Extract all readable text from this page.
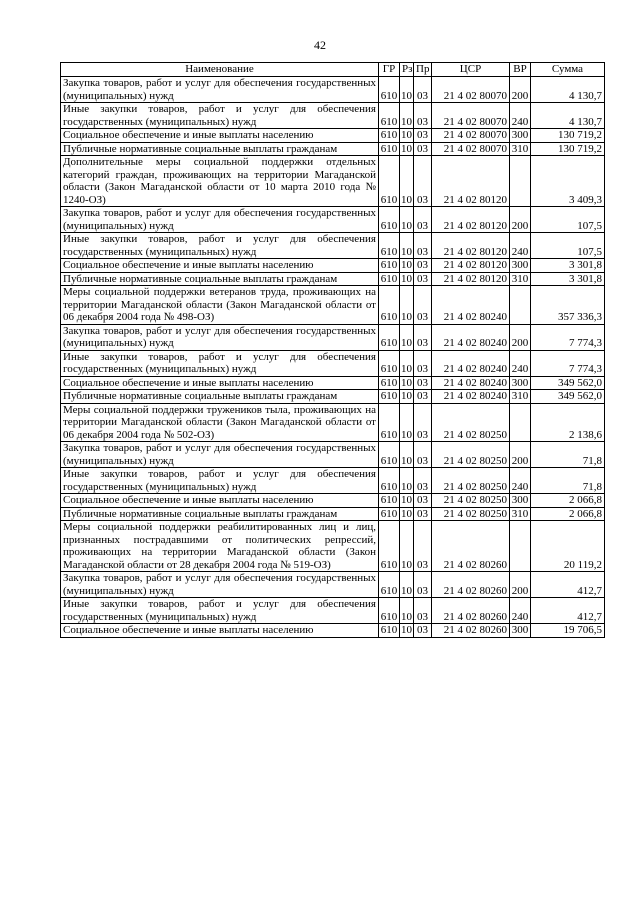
42
Наименование	ГР	Рз	Пр	ЦСР	ВР	Сумма
Закупка товаров, работ и услуг для обеспечения государственных (муниципальных) нужд	610	10	03	21 4 02 80070	200	4 130,7
Иные закупки товаров, работ и услуг для обеспечения государственных (муниципальных) нужд	610	10	03	21 4 02 80070	240	4 130,7
Социальное обеспечение и иные выплаты населению	610	10	03	21 4 02 80070	300	130 719,2
Публичные нормативные социальные выплаты гражданам	610	10	03	21 4 02 80070	310	130 719,2
Дополнительные меры социальной поддержки отдельных категорий граждан, проживающих на территории Магаданской области (Закон Магаданской области от 10 марта 2010 года № 1240-ОЗ)	610	10	03	21 4 02 80120		3 409,3
Закупка товаров, работ и услуг для обеспечения государственных (муниципальных) нужд	610	10	03	21 4 02 80120	200	107,5
Иные закупки товаров, работ и услуг для обеспечения государственных (муниципальных) нужд	610	10	03	21 4 02 80120	240	107,5
Социальное обеспечение и иные выплаты населению	610	10	03	21 4 02 80120	300	3 301,8
Публичные нормативные социальные выплаты гражданам	610	10	03	21 4 02 80120	310	3 301,8
Меры социальной поддержки ветеранов труда, проживающих на территории Магаданской области (Закон Магаданской области от 06 декабря 2004 года № 498-ОЗ)	610	10	03	21 4 02 80240		357 336,3
Закупка товаров, работ и услуг для обеспечения государственных (муниципальных) нужд	610	10	03	21 4 02 80240	200	7 774,3
Иные закупки товаров, работ и услуг для обеспечения государственных (муниципальных) нужд	610	10	03	21 4 02 80240	240	7 774,3
Социальное обеспечение и иные выплаты населению	610	10	03	21 4 02 80240	300	349 562,0
Публичные нормативные социальные выплаты гражданам	610	10	03	21 4 02 80240	310	349 562,0
Меры социальной поддержки тружеников тыла, проживающих на территории Магаданской области (Закон Магаданской области от 06 декабря 2004 года № 502-ОЗ)	610	10	03	21 4 02 80250		2 138,6
Закупка товаров, работ и услуг для обеспечения государственных (муниципальных) нужд	610	10	03	21 4 02 80250	200	71,8
Иные закупки товаров, работ и услуг для обеспечения государственных (муниципальных) нужд	610	10	03	21 4 02 80250	240	71,8
Социальное обеспечение и иные выплаты населению	610	10	03	21 4 02 80250	300	2 066,8
Публичные нормативные социальные выплаты гражданам	610	10	03	21 4 02 80250	310	2 066,8
Меры социальной поддержки реабилитированных лиц и лиц, признанных пострадавшими от политических репрессий, проживающих на территории Магаданской области (Закон Магаданской области от 28 декабря 2004 года № 519-ОЗ)	610	10	03	21 4 02 80260		20 119,2
Закупка товаров, работ и услуг для обеспечения государственных (муниципальных) нужд	610	10	03	21 4 02 80260	200	412,7
Иные закупки товаров, работ и услуг для обеспечения государственных (муниципальных) нужд	610	10	03	21 4 02 80260	240	412,7
Социальное обеспечение и иные выплаты населению	610	10	03	21 4 02 80260	300	19 706,5
